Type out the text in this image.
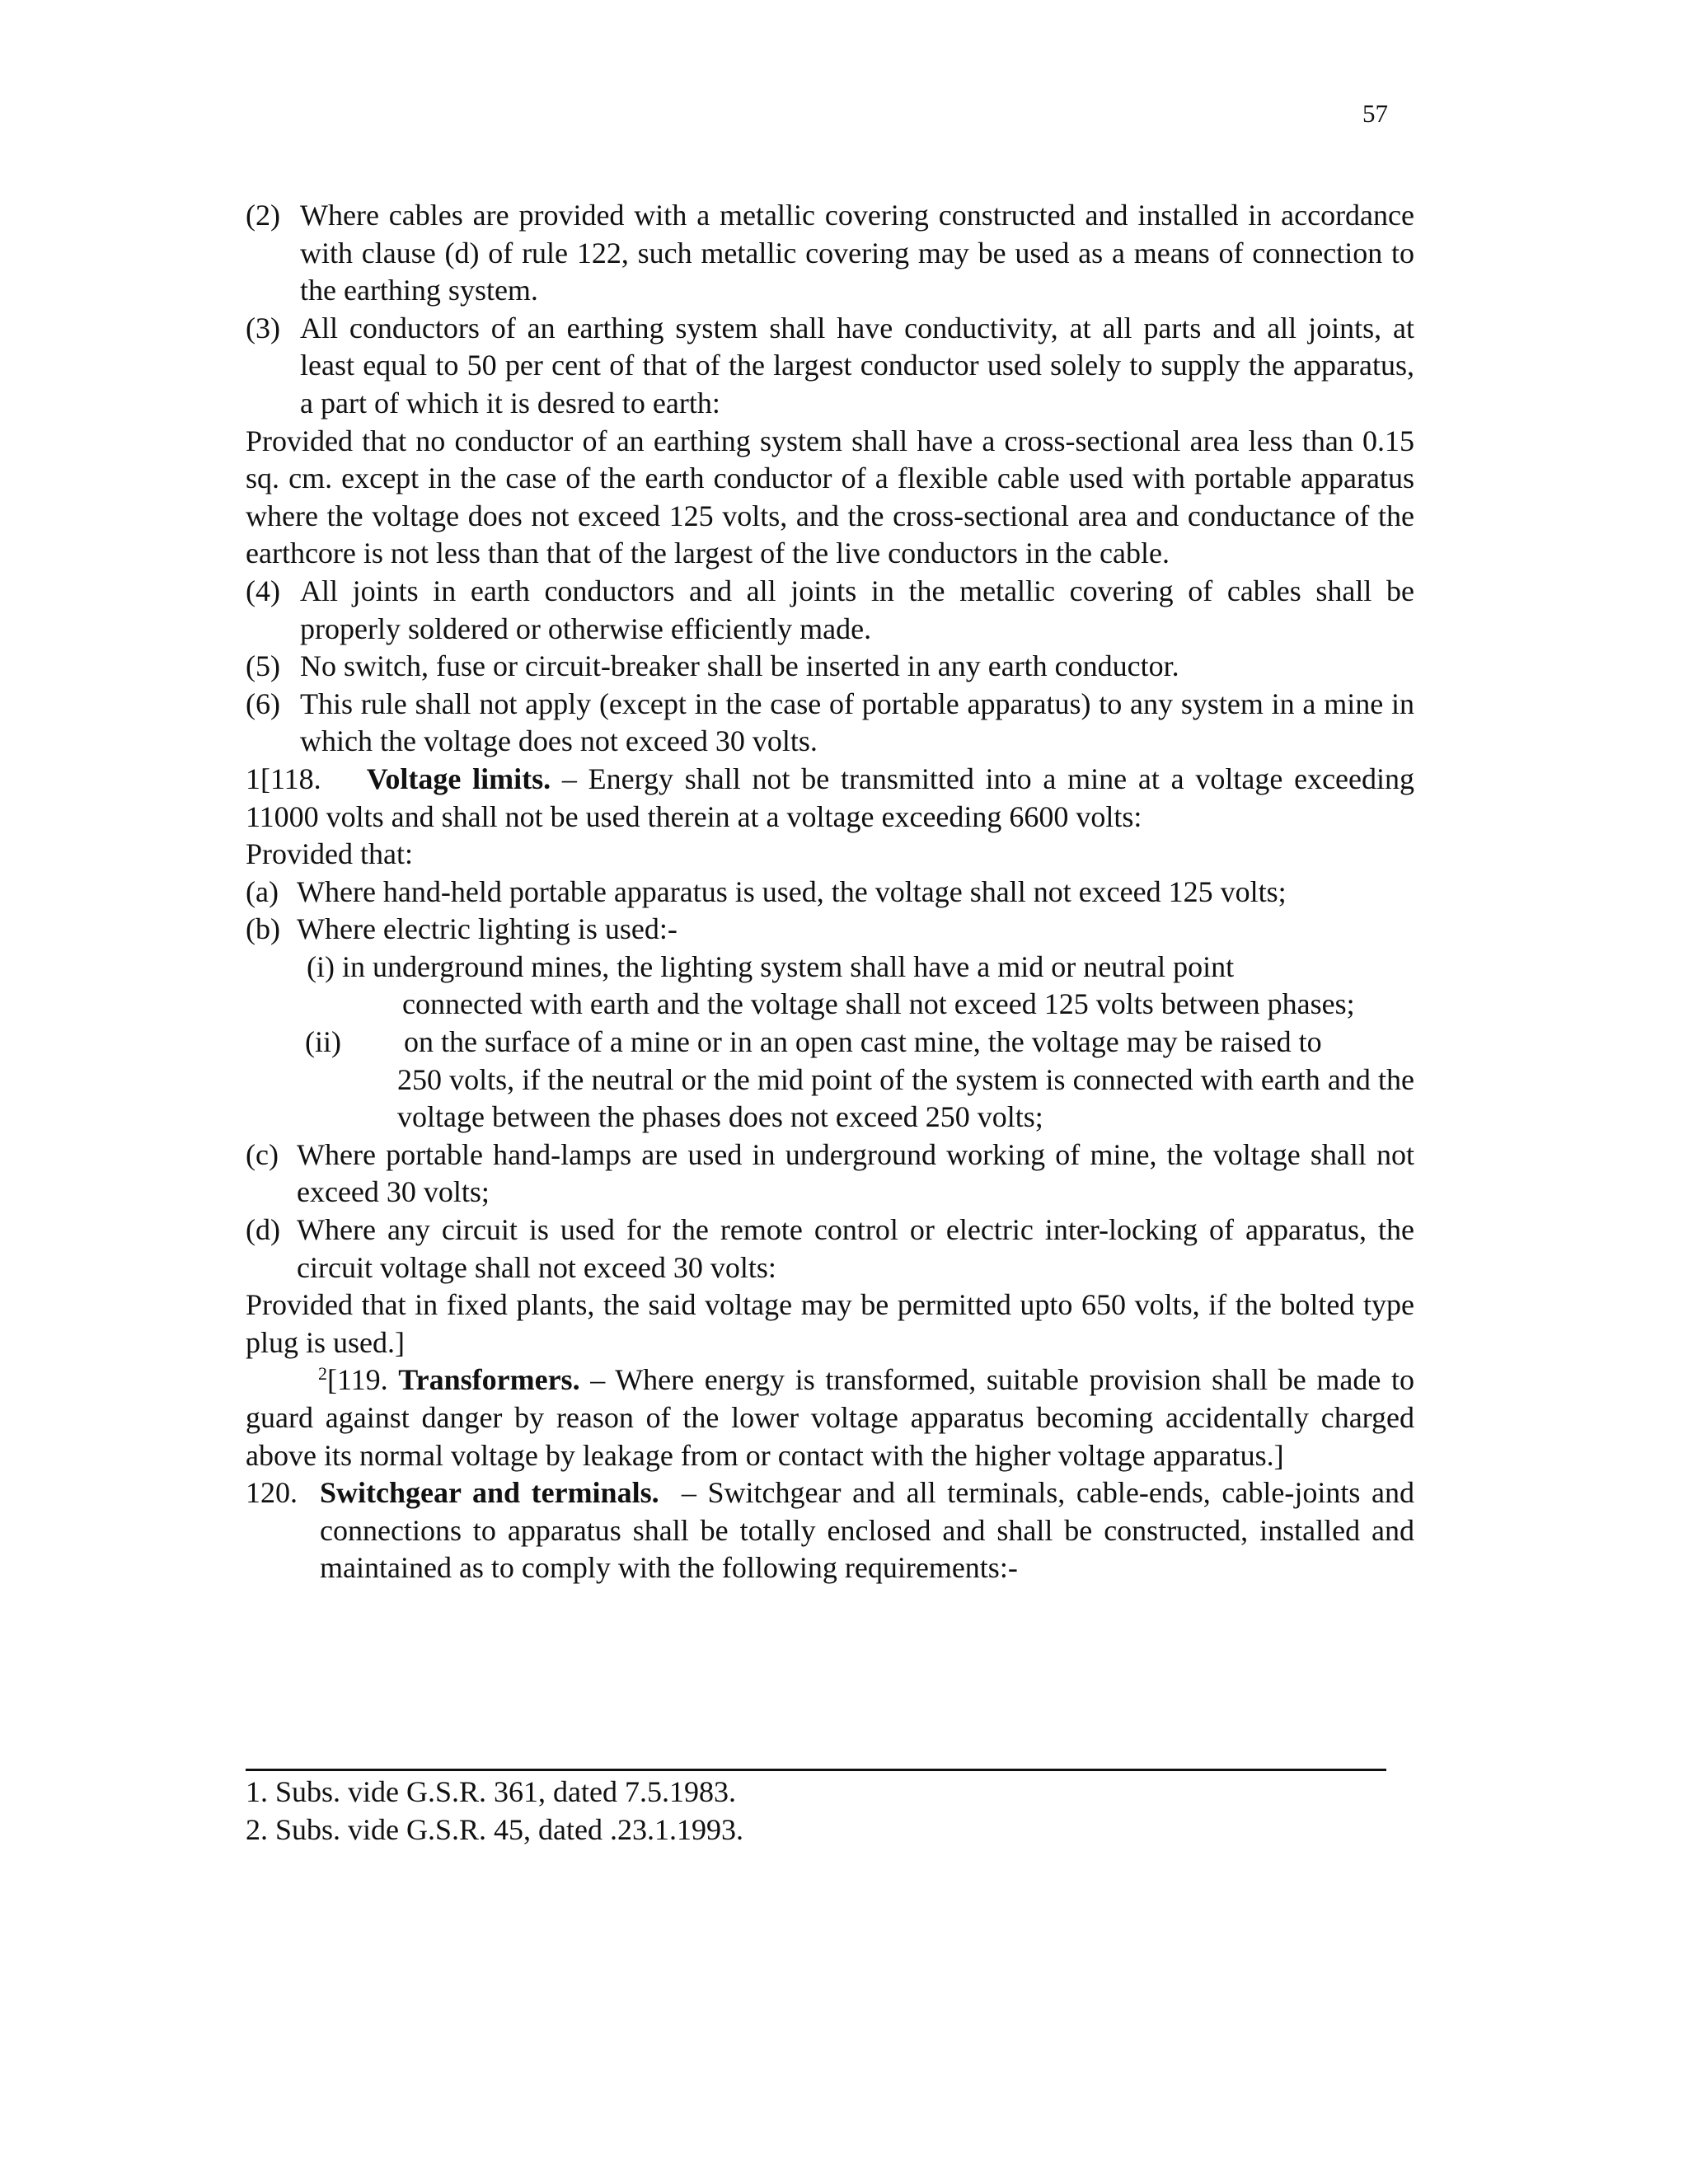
57

(2) Where cables are provided with a metallic covering constructed and installed in accordance with clause (d) of rule 122, such metallic covering may be used as a means of connection to the earthing system.

(3) All conductors of an earthing system shall have conductivity, at all parts and all joints, at least equal to 50 per cent of that of the largest conductor used solely to supply the apparatus, a part of which it is desred to earth:

Provided that no conductor of an earthing system shall have a cross-sectional area less than 0.15 sq. cm. except in the case of the earth conductor of a flexible cable used with portable apparatus where the voltage does not exceed 125 volts, and the cross-sectional area and conductance of the earthcore is not less than that of the largest of the live conductors in the cable.

(4) All joints in earth conductors and all joints in the metallic covering of cables shall be properly soldered or otherwise efficiently made.

(5) No switch, fuse or circuit-breaker shall be inserted in any earth conductor.

(6) This rule shall not apply (except in the case of portable apparatus) to any system in a mine in which the voltage does not exceed 30 volts.

1[118. Voltage limits. – Energy shall not be transmitted into a mine at a voltage exceeding 11000 volts and shall not be used therein at a voltage exceeding 6600 volts:

Provided that:

(a) Where hand-held portable apparatus is used, the voltage shall not exceed 125 volts;

(b) Where electric lighting is used:-

(i) in underground mines, the lighting system shall have a mid or neutral point
connected with earth and the voltage shall not exceed 125 volts between phases;
(ii) on the surface of a mine or in an open cast mine, the voltage may be raised to
250 volts, if the neutral or the mid point of the system is connected with earth and the voltage between the phases does not exceed 250 volts;

(c) Where portable hand-lamps are used in underground working of mine, the voltage shall not exceed 30 volts;

(d) Where any circuit is used for the remote control or electric inter-locking of apparatus, the circuit voltage shall not exceed 30 volts:

Provided that in fixed plants, the said voltage may be permitted upto 650 volts, if the bolted type plug is used.]

$^2$[119. Transformers. – Where energy is transformed, suitable provision shall be made to guard against danger by reason of the lower voltage apparatus becoming accidentally charged above its normal voltage by leakage from or contact with the higher voltage apparatus.]

120. Switchgear and terminals. – Switchgear and all terminals, cable-ends, cable-joints and connections to apparatus shall be totally enclosed and shall be constructed, installed and maintained as to comply with the following requirements:-

1. Subs. vide G.S.R. 361, dated 7.5.1983.

2. Subs. vide G.S.R. 45, dated .23.1.1993.
